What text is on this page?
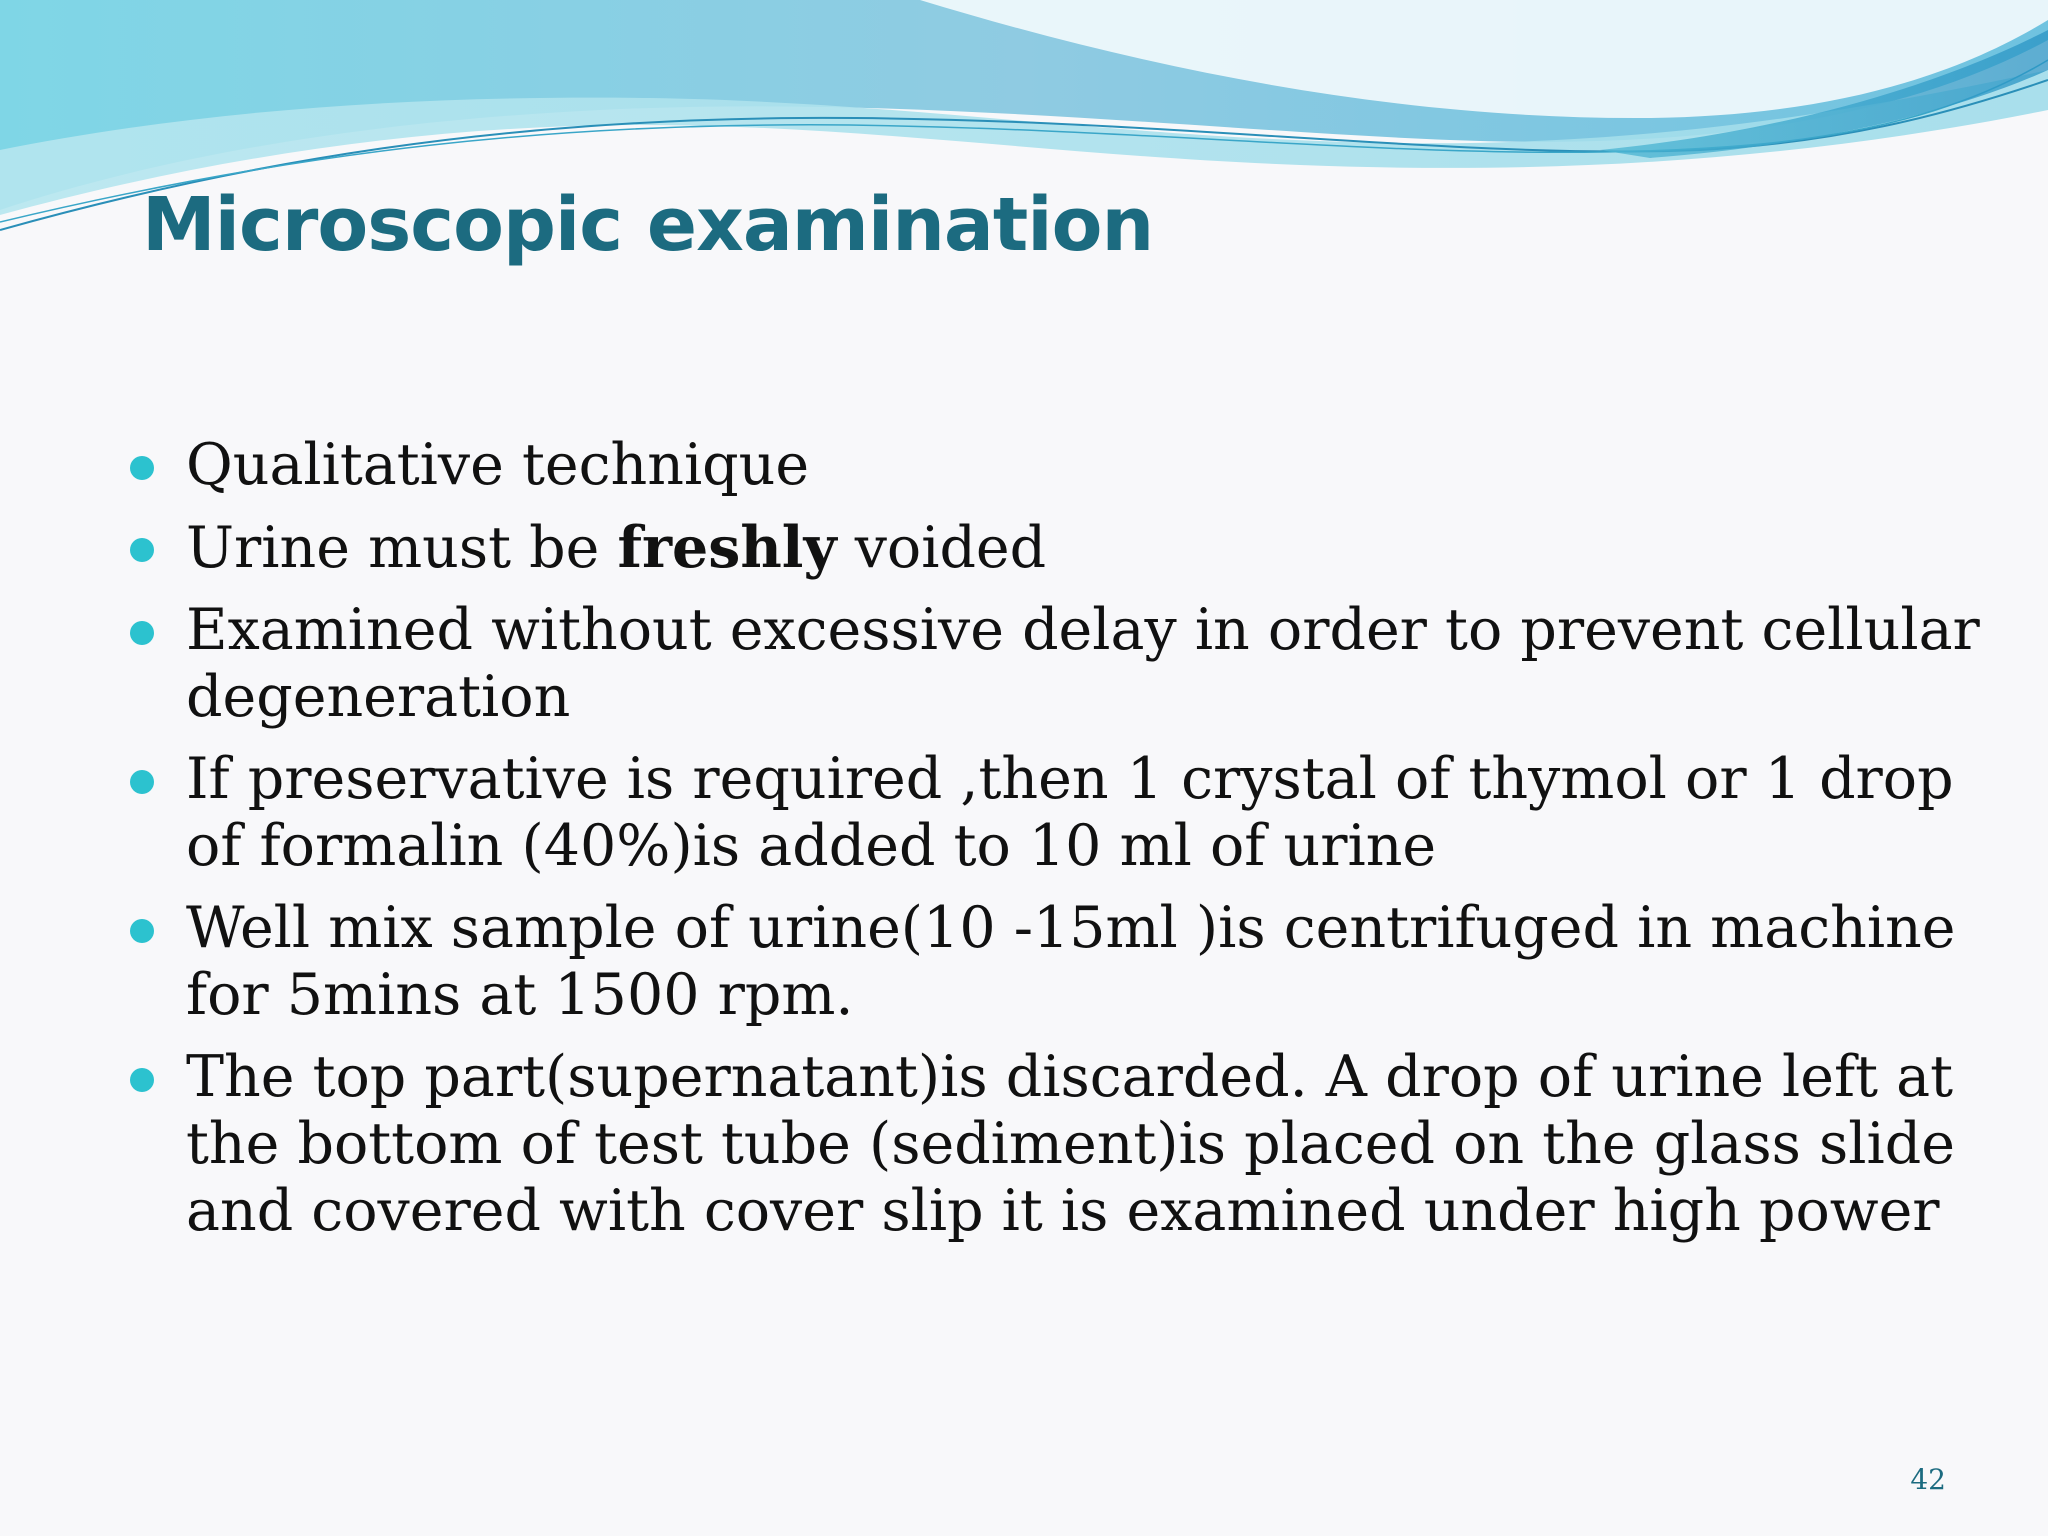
Microscopic examination
Qualitative technique
Urine must be freshly voided
Examined without excessive delay in order to prevent cellular degeneration
If preservative is required ,then 1 crystal of thymol or 1 drop of formalin (40%)is added to 10 ml of urine
Well mix sample of urine(10 -15ml )is centrifuged in machine for 5mins at 1500 rpm.
The top part(supernatant)is discarded. A drop of urine left at the bottom of test tube (sediment)is placed on the glass slide and covered with cover slip it is examined under high power
42
